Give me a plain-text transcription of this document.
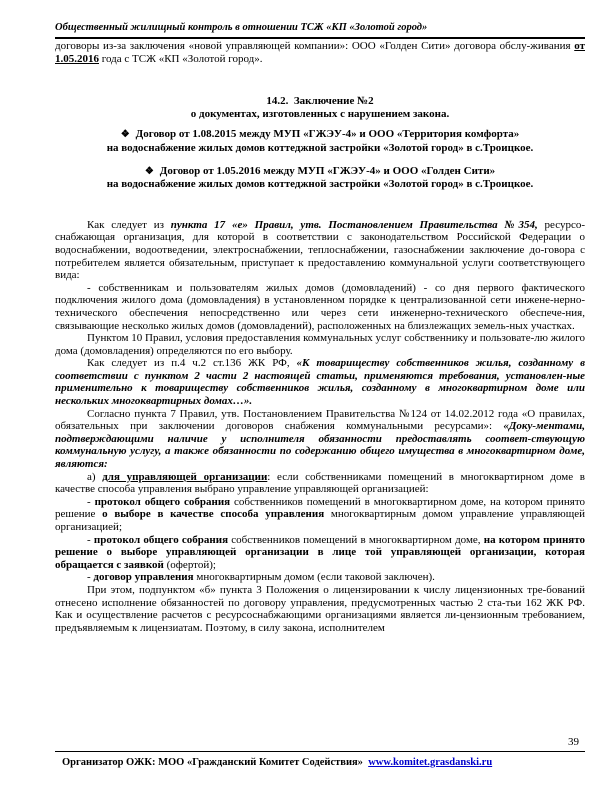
Общественный жилищный контроль в отношении ТСЖ «КП «Золотой город»

договоры из-за заключения «новой управляющей компании»: ООО «Голден Сити» договора обслу-живания от 1.05.2016 года с ТСЖ «КП «Золотой город».

14.2. Заключение №2

о документах, изготовленных с нарушением закона.

❖ Договор от 1.08.2015 между МУП «ГЖЭУ-4» и ООО «Территория комфорта»

на водоснабжение жилых домов коттеджной застройки «Золотой город» в с.Троицкое.

❖ Договор от 1.05.2016 между МУП «ГЖЭУ-4» и ООО «Голден Сити»

на водоснабжение жилых домов коттеджной застройки «Золотой город» в с.Троицкое.

Как следует из пункта 17 «е» Правил, утв. Постановлением Правительства №354, ресурсо-снабжающая организация, для которой в соответствии с законодательством Российской Федерации о водоснабжении, водоотведении, электроснабжении, теплоснабжении, газоснабжении заключение до-говора с потребителем является обязательным, приступает к предоставлению коммунальной услуги соответствующего вида:

- собственникам и пользователям жилых домов (домовладений) - со дня первого фактического подключения жилого дома (домовладения) в установленном порядке к централизованной сети инжене-нерно-технического обеспечения непосредственно или через сети инженерно-технического обеспече-ния, связывающие несколько жилых домов (домовладений), расположенных на близлежащих земель-ных участках.

Пунктом 10 Правил, условия предоставления коммунальных услуг собственнику и пользовате-лю жилого дома (домовладения) определяются по его выбору.

Как следует из п.4 ч.2 ст.136 ЖК РФ, «К товариществу собственников жилья, созданному в соответствии с пунктом 2 части 2 настоящей статьи, применяются требования, установлен-ные применительно к товариществу собственников жилья, созданному в многоквартирном доме или нескольких многоквартирных домах…».

Согласно пункта 7 Правил, утв. Постановлением Правительства №124 от 14.02.2012 года «О правилах, обязательных при заключении договоров снабжения коммунальными ресурсами»: «Доку-ментами, подтверждающими наличие у исполнителя обязанности предоставлять соответ-ствующую коммунальную услугу, а также обязанности по содержанию общего имущества в многоквартирном доме, являются:

а) для управляющей организации: если собственниками помещений в многоквартирном доме в качестве способа управления выбрано управление управляющей организацией:

- протокол общего собрания собственников помещений в многоквартирном доме, на котором принято решение о выборе в качестве способа управления многоквартирным домом управление управляющей организацией;

- протокол общего собрания собственников помещений в многоквартирном доме, на котором принято решение о выборе управляющей организации в лице той управляющей организации, которая обращается с заявкой (офертой);

- договор управления многоквартирным домом (если таковой заключен).

При этом, подпунктом «б» пункта 3 Положения о лицензировании к числу лицензионных тре-бований отнесено исполнение обязанностей по договору управления, предусмотренных частью 2 ста-тьи 162 ЖК РФ. Как и осуществление расчетов с ресурсоснабжающими организациями является ли-цензионным требованием, предъявляемым к лицензиатам. Поэтому, в силу закона, исполнителем

39
Организатор ОЖК: МОО «Гражданский Комитет Содействия» www.komitet.grasdanski.ru
